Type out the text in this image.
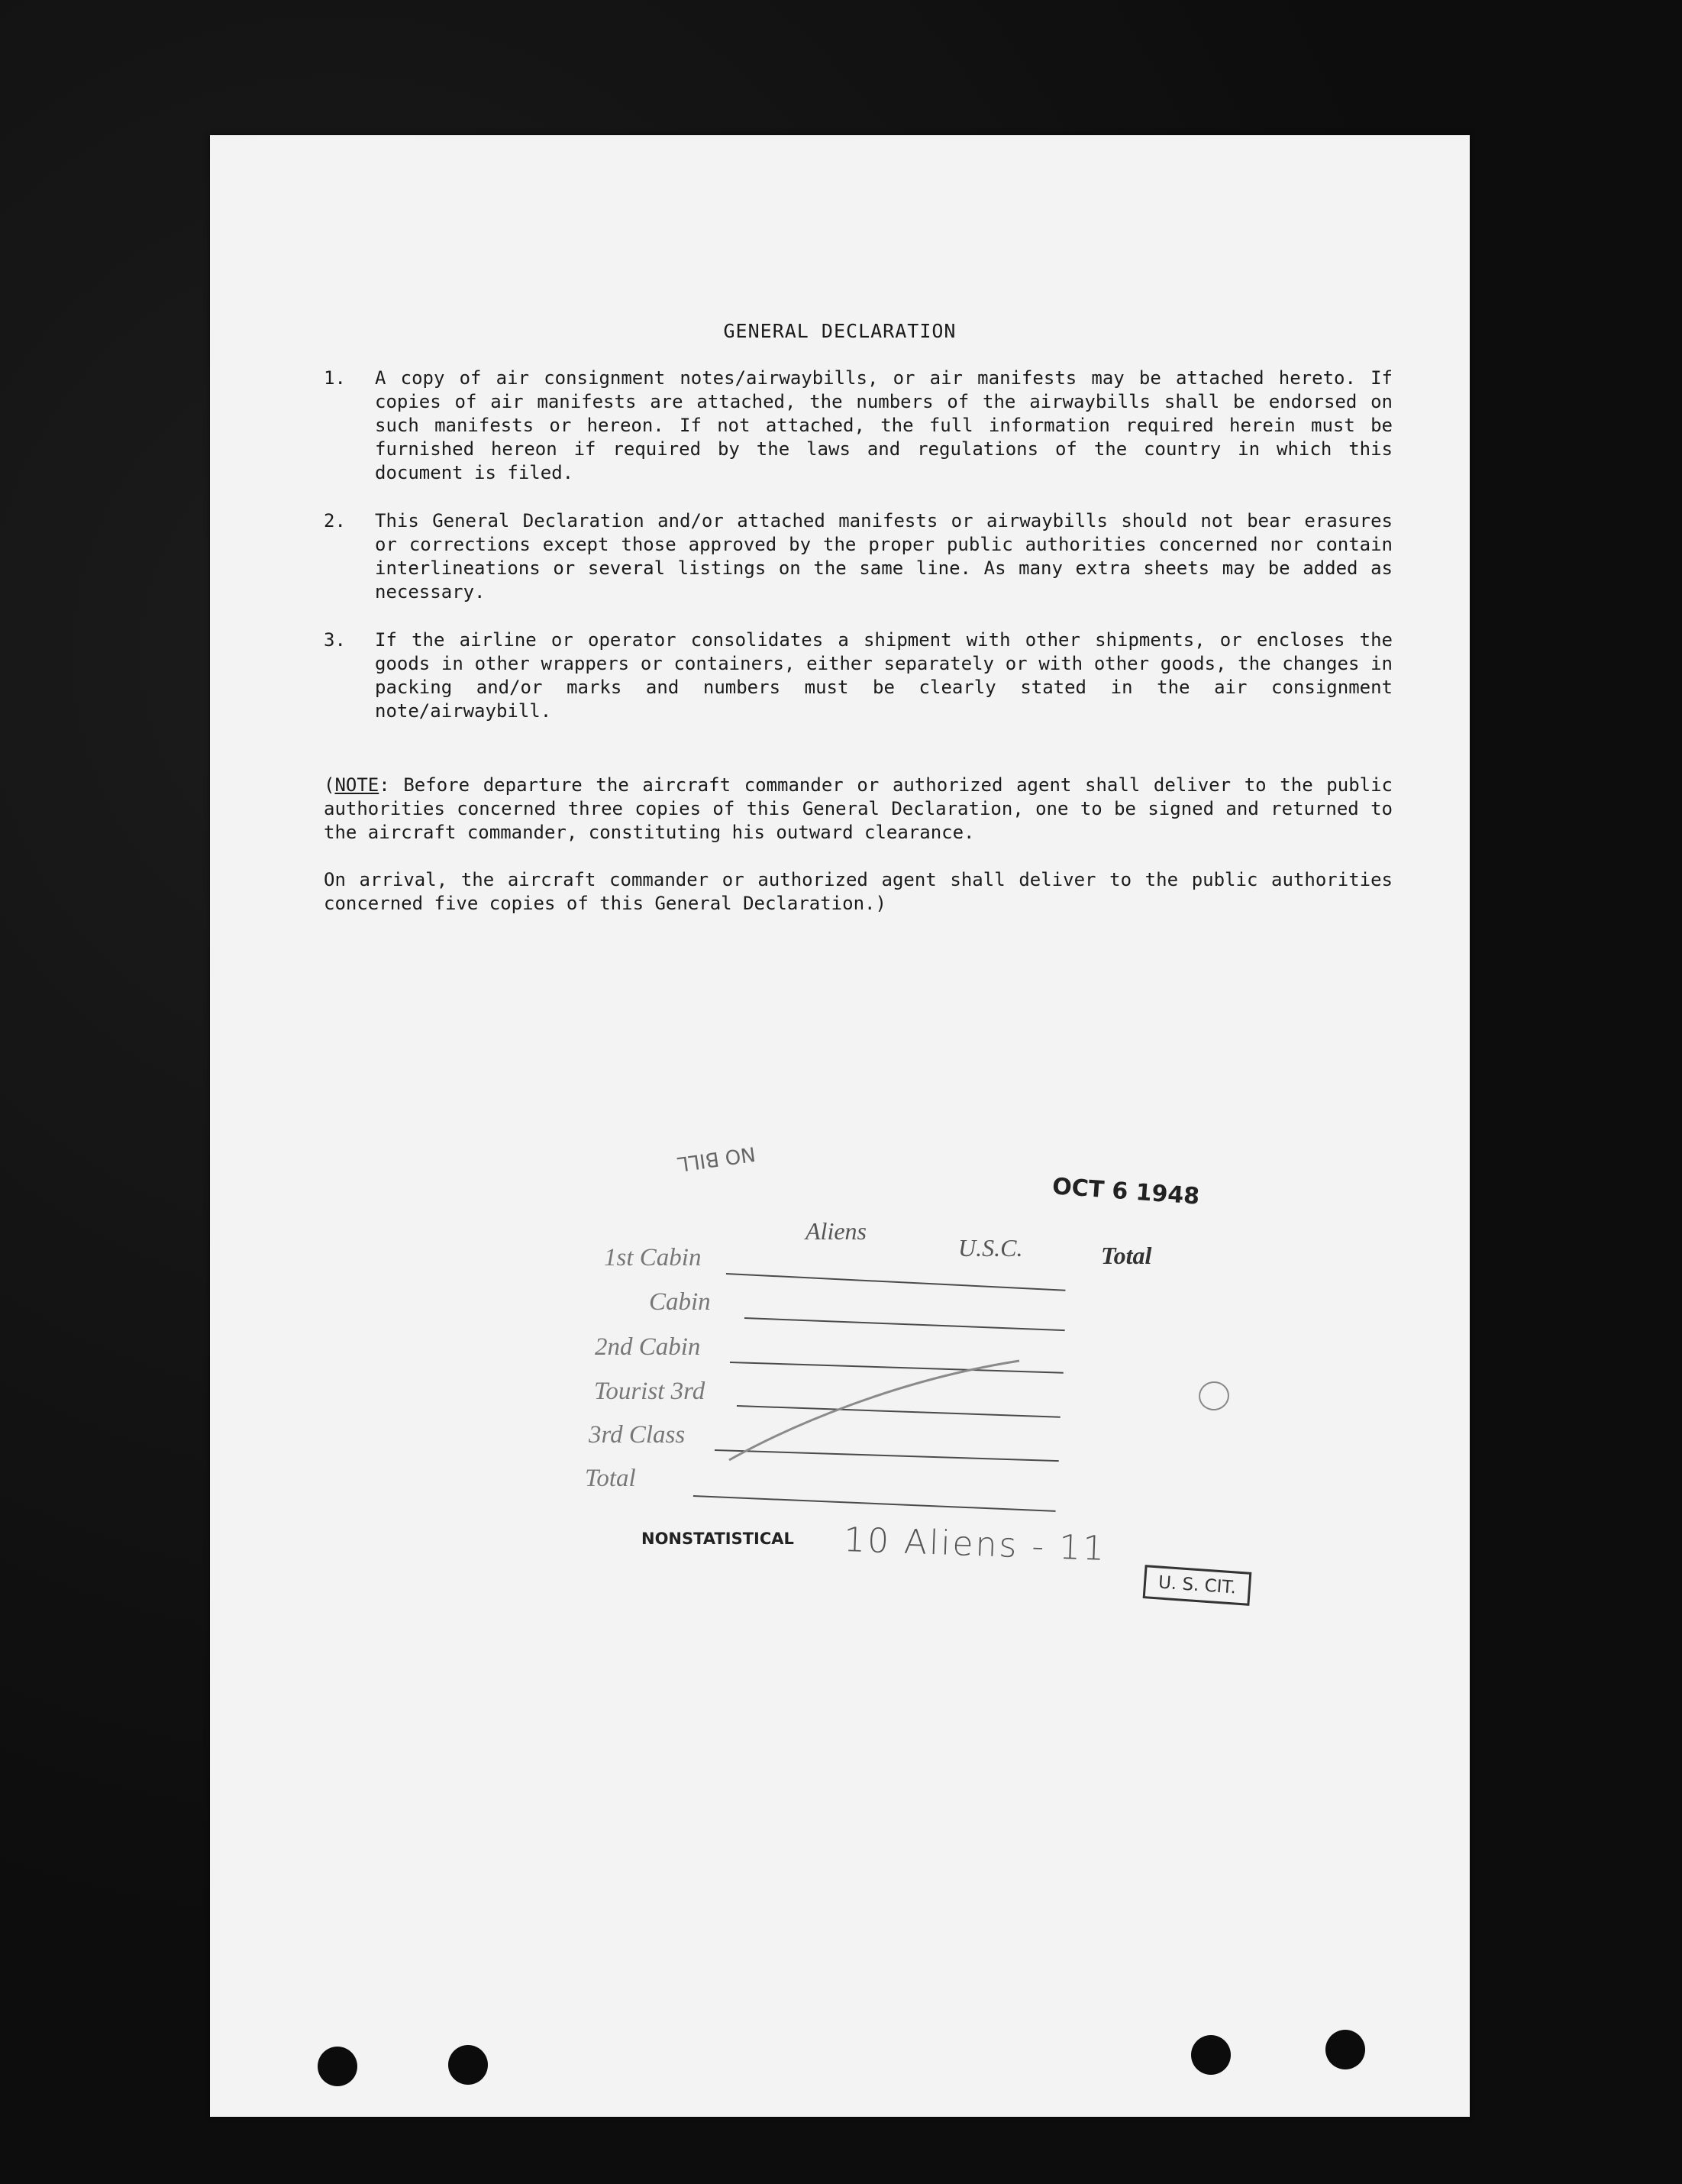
GENERAL DECLARATION
1. A copy of air consignment notes/airwaybills, or air manifests may be attached hereto. If copies of air manifests are attached, the numbers of the airwaybills shall be endorsed on such manifests or hereon. If not attached, the full information required herein must be furnished hereon if required by the laws and regulations of the country in which this document is filed.
2. This General Declaration and/or attached manifests or airwaybills should not bear erasures or corrections except those approved by the proper public authorities concerned nor contain interlineations or several listings on the same line. As many extra sheets may be added as necessary.
3. If the airline or operator consolidates a shipment with other shipments, or encloses the goods in other wrappers or containers, either separately or with other goods, the changes in packing and/or marks and numbers must be clearly stated in the air consignment note/airwaybill.

(NOTE: Before departure the aircraft commander or authorized agent shall deliver to the public authorities concerned three copies of this General Declaration, one to be signed and returned to the aircraft commander, constituting his outward clearance.

On arrival, the aircraft commander or authorized agent shall deliver to the public authorities concerned five copies of this General Declaration.)

NO BILL
OCT 6 1948
Aliens
U.S.C.	Total
1st Cabin
Cabin
2nd Cabin
Tourist 3rd
3rd Class
Total
NONSTATISTICAL 10 Aliens - 11
U. S. CIT.
